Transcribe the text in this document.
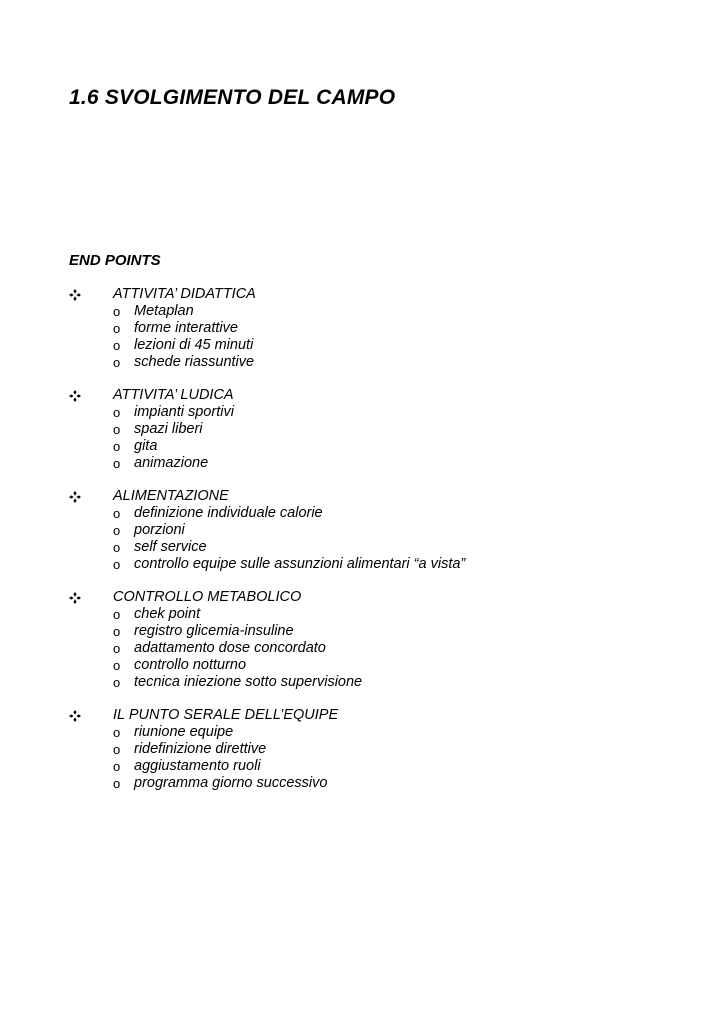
1.6 SVOLGIMENTO DEL CAMPO
END POINTS
ATTIVITA’ DIDATTICA
o Metaplan
o forme interattive
o lezioni di 45 minuti
o schede riassuntive
ATTIVITA’ LUDICA
o impianti sportivi
o spazi liberi
o gita
o animazione
ALIMENTAZIONE
o definizione individuale calorie
o porzioni
o self service
o controllo equipe sulle assunzioni alimentari “a vista”
CONTROLLO METABOLICO
o chek point
o registro glicemia-insuline
o adattamento dose concordato
o controllo notturno
o tecnica iniezione sotto supervisione
IL PUNTO SERALE DELL’EQUIPE
o riunione equipe
o ridefinizione direttive
o aggiustamento ruoli
o programma giorno successivo
